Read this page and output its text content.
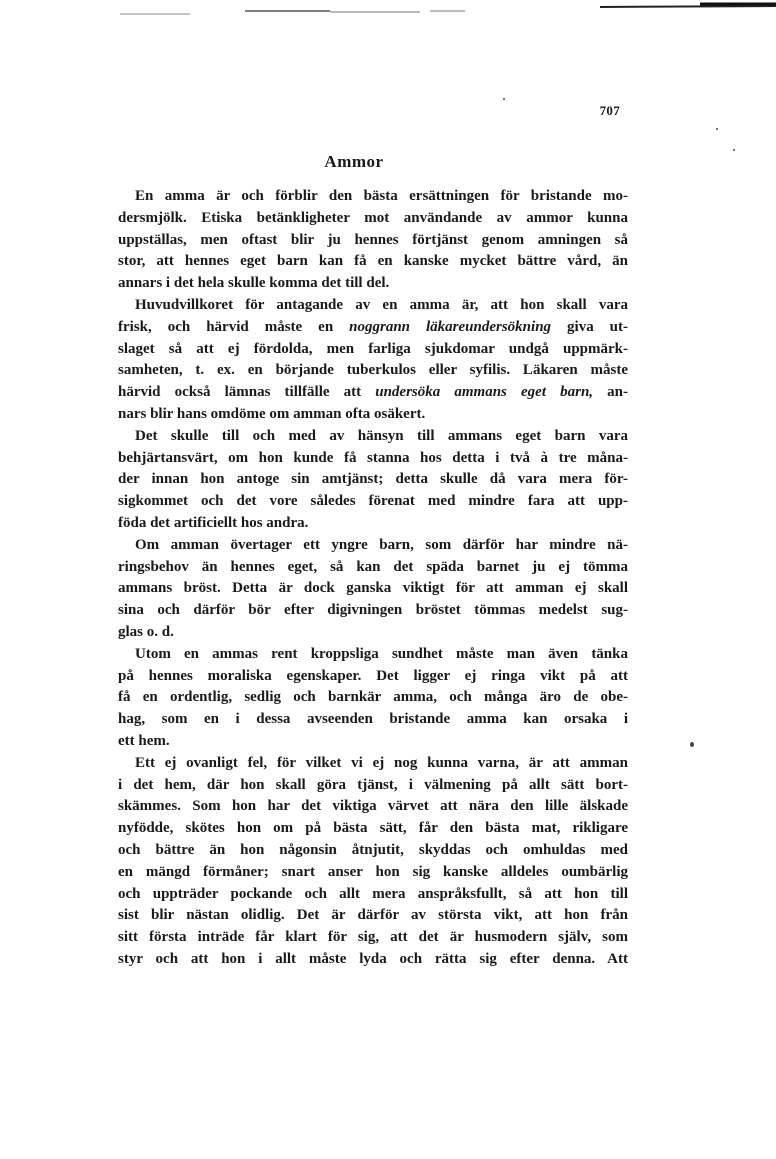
707
Ammor

En amma är och förblir den bästa ersättningen för bristande mo-
dersmjölk. Etiska betänkligheter mot användande av ammor kunna
uppställas, men oftast blir ju hennes förtjänst genom amningen så
stor, att hennes eget barn kan få en kanske mycket bättre vård, än
annars i det hela skulle komma det till del.

Huvudvillkoret för antagande av en amma är, att hon skall vara
frisk, och härvid måste en noggrann läkareundersökning giva ut-
slaget så att ej fördolda, men farliga sjukdomar undgå uppmärk-
samheten, t. ex. en börjande tuberkulos eller syfilis. Läkaren måste
härvid också lämnas tillfälle att undersöka ammans eget barn, an-
nars blir hans omdöme om amman ofta osäkert.

Det skulle till och med av hänsyn till ammans eget barn vara
behjärtansvärt, om hon kunde få stanna hos detta i två à tre måna-
der innan hon antoge sin amtjänst; detta skulle då vara mera för-
sigkommet och det vore således förenat med mindre fara att upp-
föda det artificiellt hos andra.

Om amman övertager ett yngre barn, som därför har mindre nä-
ringsbehov än hennes eget, så kan det späda barnet ju ej tömma
ammans bröst. Detta är dock ganska viktigt för att amman ej skall
sina och därför bör efter digivningen bröstet tömmas medelst sug-
glas o. d.

Utom en ammas rent kroppsliga sundhet måste man även tänka
på hennes moraliska egenskaper. Det ligger ej ringa vikt på att
få en ordentlig, sedlig och barnkär amma, och många äro de obe-
hag, som en i dessa avseenden bristande amma kan orsaka i
ett hem.

Ett ej ovanligt fel, för vilket vi ej nog kunna varna, är att amman
i det hem, där hon skall göra tjänst, i välmening på allt sätt bort-
skämmes. Som hon har det viktiga värvet att nära den lille älskade
nyfödde, skötes hon om på bästa sätt, får den bästa mat, rikligare
och bättre än hon någonsin åtnjutit, skyddas och omhuldas med
en mängd förmåner; snart anser hon sig kanske alldeles oumbärlig
och uppträder pockande och allt mera anspråksfullt, så att hon till
sist blir nästan olidlig. Det är därför av största vikt, att hon från
sitt första inträde får klart för sig, att det är husmodern själv, som
styr och att hon i allt måste lyda och rätta sig efter denna. Att
